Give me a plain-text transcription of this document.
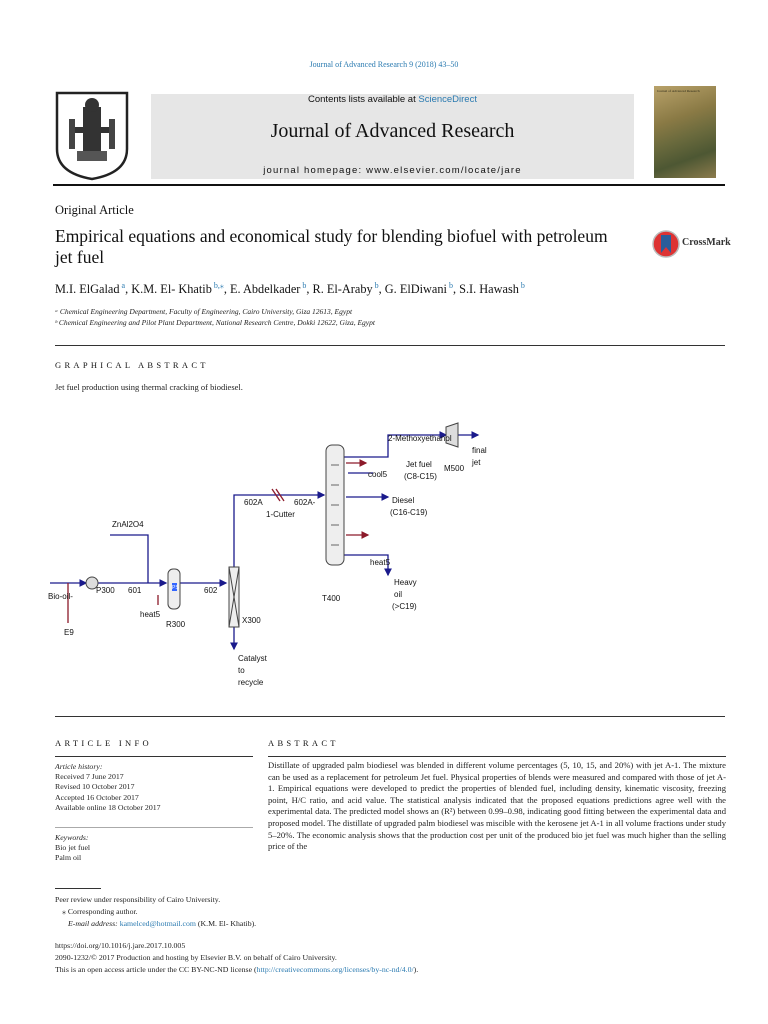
Journal of Advanced Research 9 (2018) 43–50
Contents lists available at ScienceDirect
Journal of Advanced Research
journal homepage: www.elsevier.com/locate/jare
Journal of Advanced Research
Original Article
Empirical equations and economical study for blending biofuel with petroleum jet fuel
CrossMark
M.I. ElGalad $^a$, K.M. El- Khatib $^{b,⁎}$, E. Abdelkader $^b$, R. El-Araby $^b$, G. ElDiwani $^b$, S.I. Hawash $^b$
ᵃ Chemical Engineering Department, Faculty of Engineering, Cairo University, Giza 12613, Egypt
ᵇ Chemical Engineering and Pilot Plant Department, National Research Centre, Dokki 12622, Giza, Egypt
GRAPHICAL ABSTRACT
Jet fuel production using thermal cracking of biodiesel.
Bio-oil-
E9
P300 601
ZnAl2O4
heat5
PS
R300
602
X300
Catalyst
to
recycle
602A	602A-
1-Cutter
T400
cool5
heat5
2-Methoxyethanol
Jet fuel
(C8-C15)
M500
final
jet
Diesel
(C16-C19)
Heavy
oil
(>C19)
ARTICLE INFO
Article history:
Received 7 June 2017
Revised 10 October 2017
Accepted 16 October 2017
Available online 18 October 2017
Keywords:
Bio jet fuel
Palm oil
ABSTRACT
Distillate of upgraded palm biodiesel was blended in different volume percentages (5, 10, 15, and 20%) with jet A-1. The mixture can be used as a replacement for petroleum Jet fuel. Physical properties of blends were measured and compared with those of jet A-1. Empirical equations were developed to predict the properties of blended fuel, including density, kinematic viscosity, freezing point, H/C ratio, and acid value. The statistical analysis indicated that the proposed equations predictions agree well with the experimental data. The predicted model shows an (R²) between 0.99–0.98, indicating good fitting between the experimental data and proposed model. The distillate of upgraded palm biodiesel was miscible with the kerosene jet A-1 in all volume fractions under study 5–20%. The economic analysis shows that the production cost per unit of the produced bio jet fuel was much higher than the selling price of the
Peer review under responsibility of Cairo University.
⁎ Corresponding author.
E-mail address: kamelced@hotmail.com (K.M. El- Khatib).
https://doi.org/10.1016/j.jare.2017.10.005
2090-1232/© 2017 Production and hosting by Elsevier B.V. on behalf of Cairo University.
This is an open access article under the CC BY-NC-ND license (http://creativecommons.org/licenses/by-nc-nd/4.0/).
